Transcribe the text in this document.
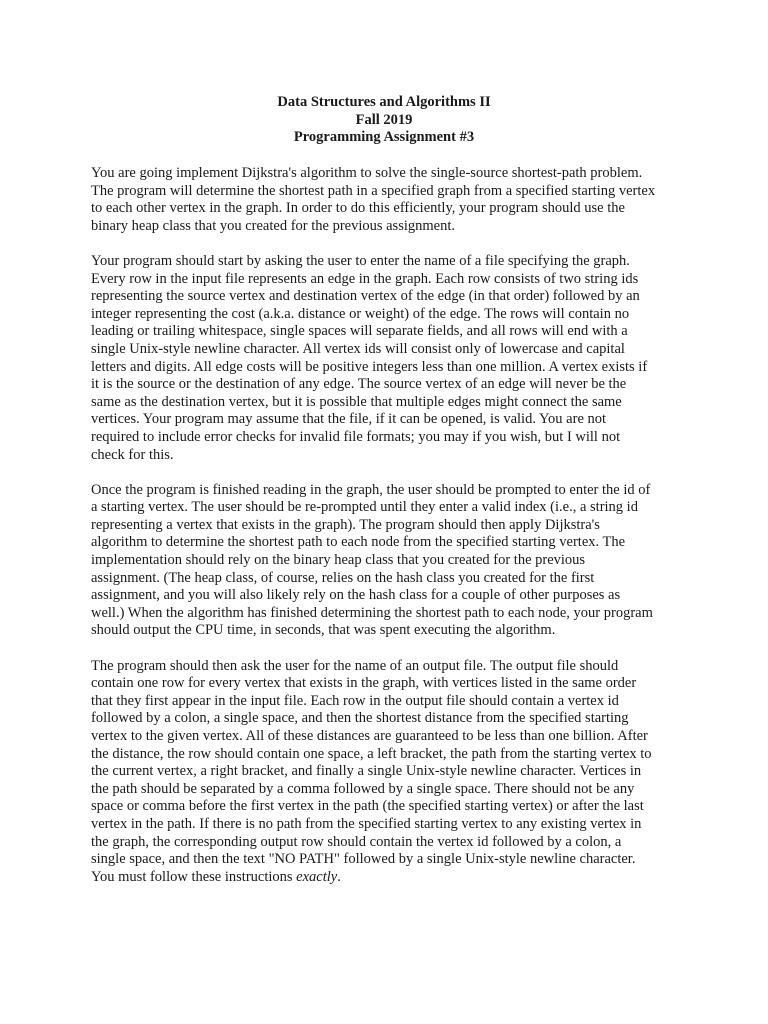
Data Structures and Algorithms II
Fall 2019
Programming Assignment #3

You are going implement Dijkstra's algorithm to solve the single-source shortest-path problem.
The program will determine the shortest path in a specified graph from a specified starting vertex
to each other vertex in the graph. In order to do this efficiently, your program should use the
binary heap class that you created for the previous assignment.

Your program should start by asking the user to enter the name of a file specifying the graph.
Every row in the input file represents an edge in the graph. Each row consists of two string ids
representing the source vertex and destination vertex of the edge (in that order) followed by an
integer representing the cost (a.k.a. distance or weight) of the edge. The rows will contain no
leading or trailing whitespace, single spaces will separate fields, and all rows will end with a
single Unix-style newline character. All vertex ids will consist only of lowercase and capital
letters and digits. All edge costs will be positive integers less than one million. A vertex exists if
it is the source or the destination of any edge. The source vertex of an edge will never be the
same as the destination vertex, but it is possible that multiple edges might connect the same
vertices. Your program may assume that the file, if it can be opened, is valid. You are not
required to include error checks for invalid file formats; you may if you wish, but I will not
check for this.

Once the program is finished reading in the graph, the user should be prompted to enter the id of
a starting vertex. The user should be re-prompted until they enter a valid index (i.e., a string id
representing a vertex that exists in the graph). The program should then apply Dijkstra's
algorithm to determine the shortest path to each node from the specified starting vertex. The
implementation should rely on the binary heap class that you created for the previous
assignment. (The heap class, of course, relies on the hash class you created for the first
assignment, and you will also likely rely on the hash class for a couple of other purposes as
well.) When the algorithm has finished determining the shortest path to each node, your program
should output the CPU time, in seconds, that was spent executing the algorithm.

The program should then ask the user for the name of an output file. The output file should
contain one row for every vertex that exists in the graph, with vertices listed in the same order
that they first appear in the input file. Each row in the output file should contain a vertex id
followed by a colon, a single space, and then the shortest distance from the specified starting
vertex to the given vertex. All of these distances are guaranteed to be less than one billion. After
the distance, the row should contain one space, a left bracket, the path from the starting vertex to
the current vertex, a right bracket, and finally a single Unix-style newline character. Vertices in
the path should be separated by a comma followed by a single space. There should not be any
space or comma before the first vertex in the path (the specified starting vertex) or after the last
vertex in the path. If there is no path from the specified starting vertex to any existing vertex in
the graph, the corresponding output row should contain the vertex id followed by a colon, a
single space, and then the text "NO PATH" followed by a single Unix-style newline character.
You must follow these instructions exactly.
